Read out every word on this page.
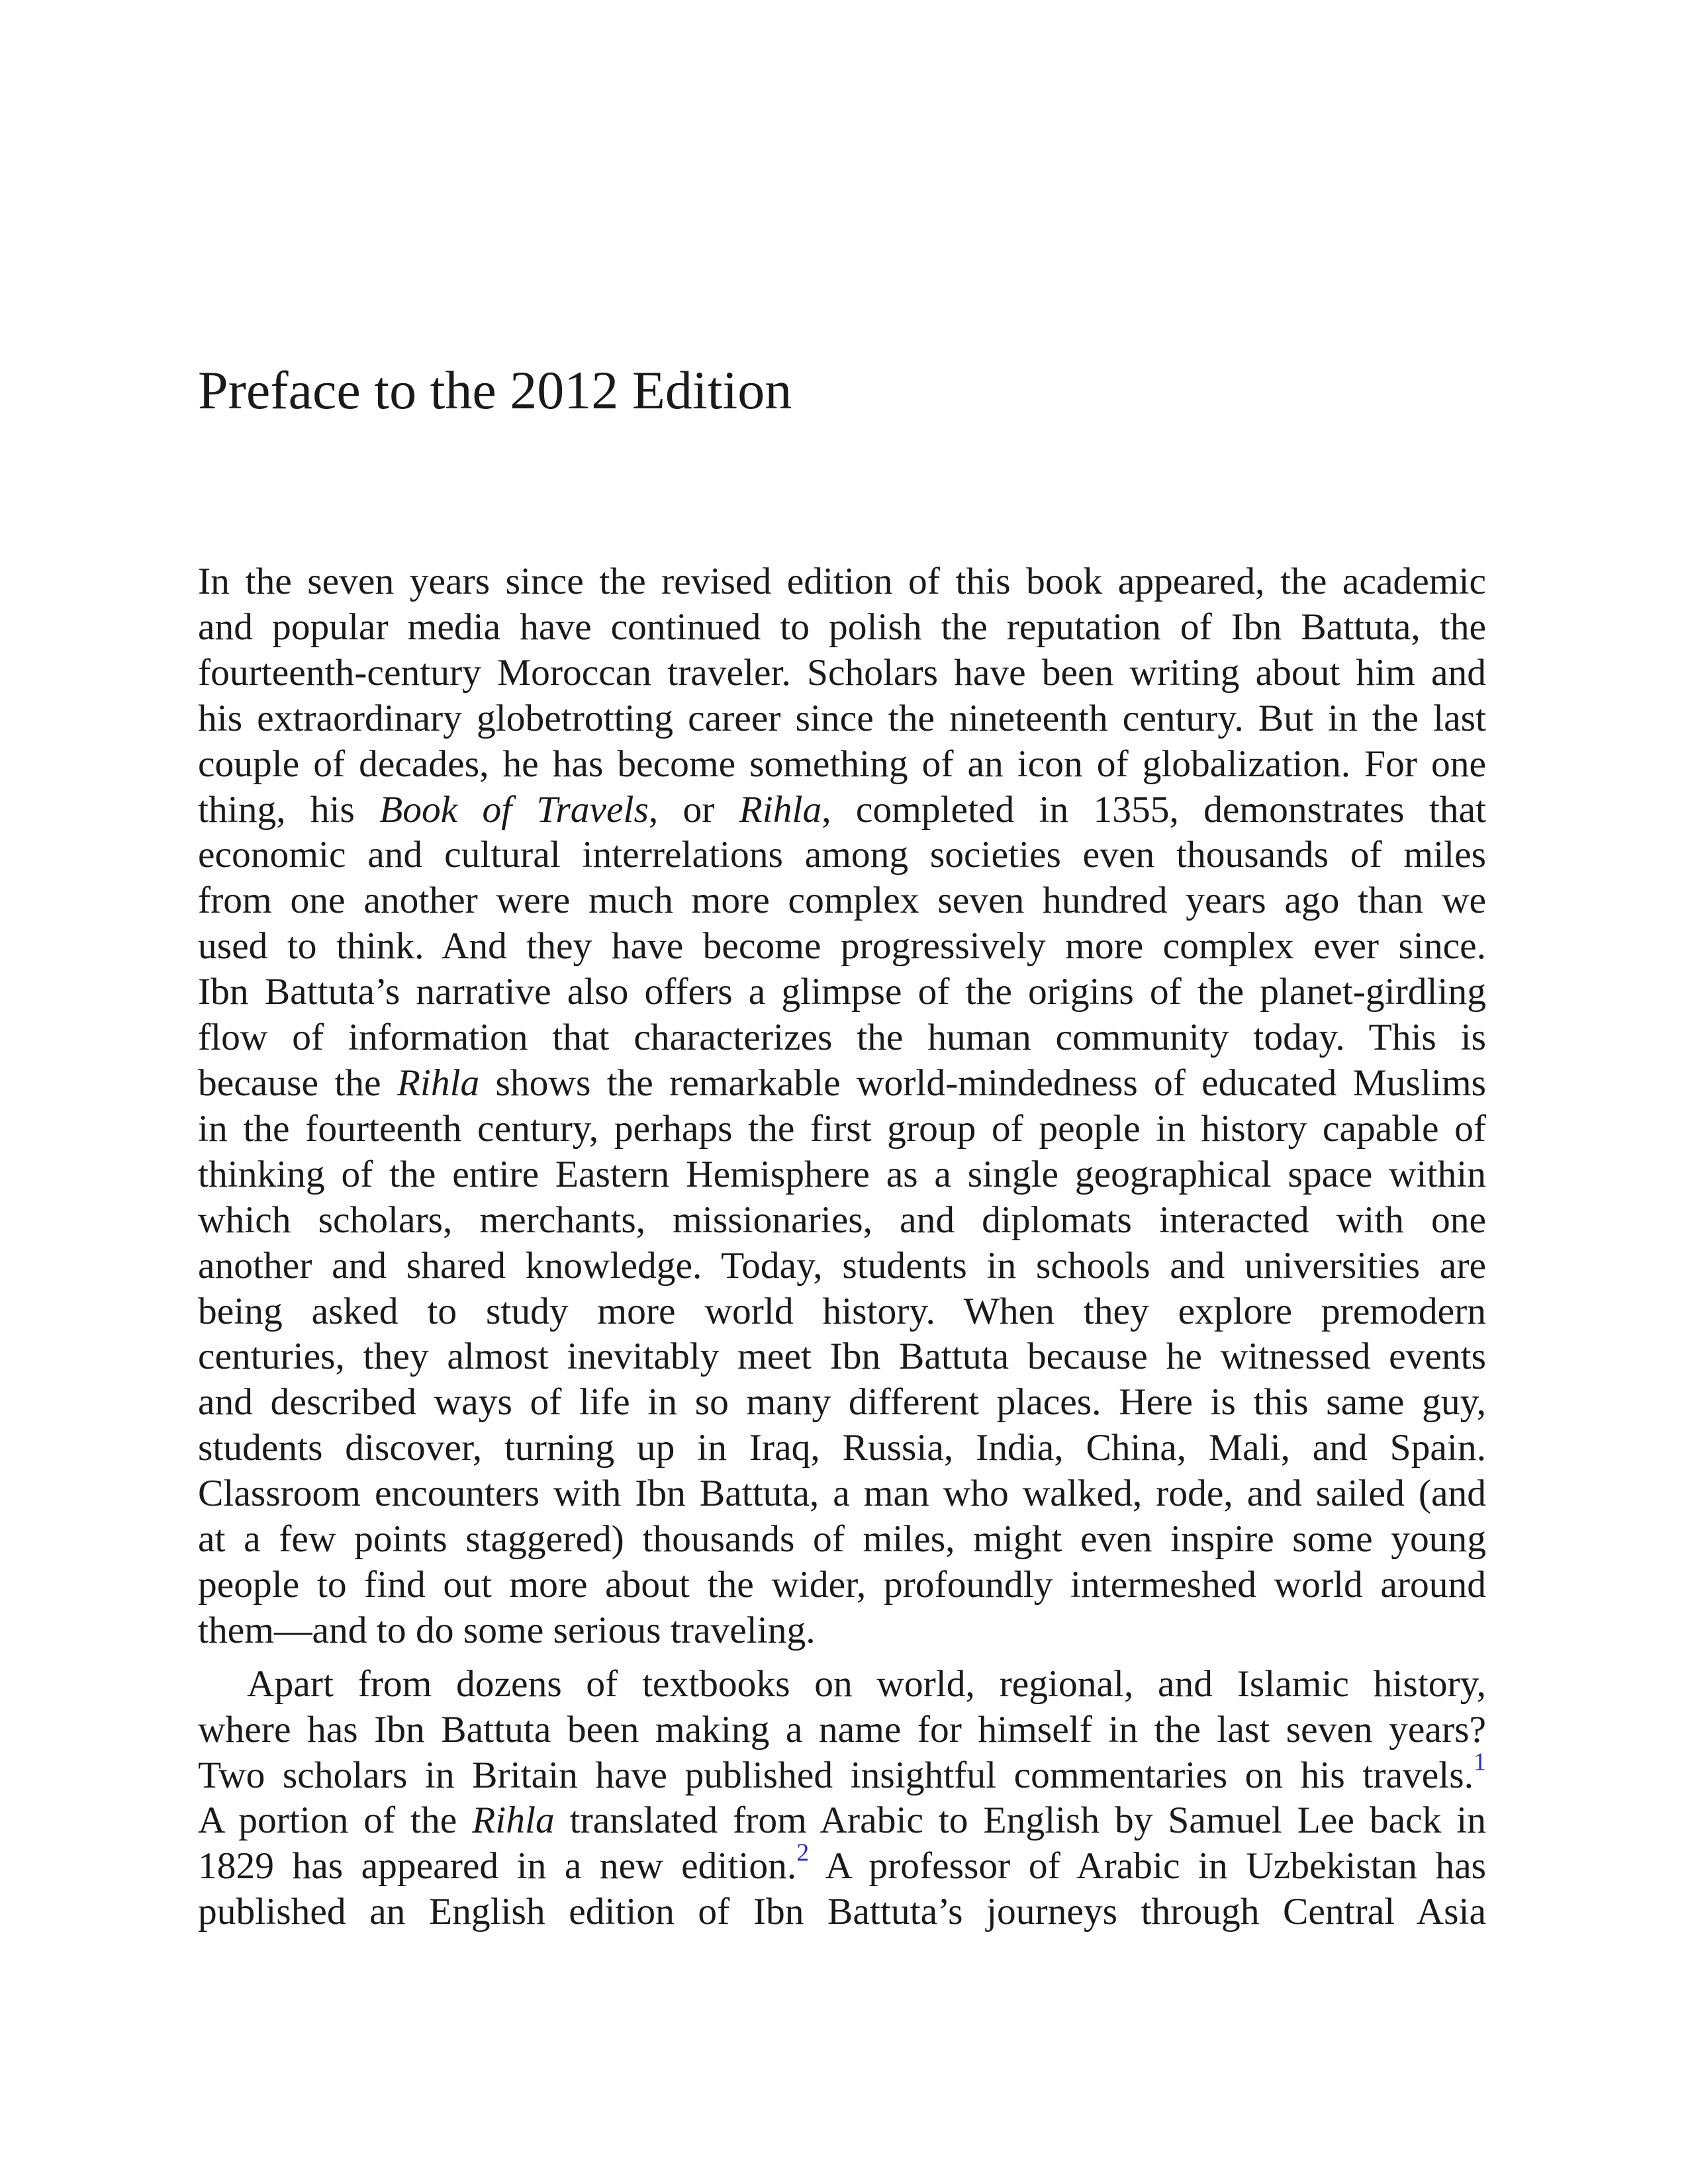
Preface to the 2012 Edition

In the seven years since the revised edition of this book appeared, the academic
and popular media have continued to polish the reputation of Ibn Battuta, the
fourteenth-century Moroccan traveler. Scholars have been writing about him and
his extraordinary globetrotting career since the nineteenth century. But in the last
couple of decades, he has become something of an icon of globalization. For one
thing, his Book of Travels, or Rihla, completed in 1355, demonstrates that
economic and cultural interrelations among societies even thousands of miles
from one another were much more complex seven hundred years ago than we
used to think. And they have become progressively more complex ever since.
Ibn Battuta’s narrative also offers a glimpse of the origins of the planet-girdling
flow of information that characterizes the human community today. This is
because the Rihla shows the remarkable world-mindedness of educated Muslims
in the fourteenth century, perhaps the first group of people in history capable of
thinking of the entire Eastern Hemisphere as a single geographical space within
which scholars, merchants, missionaries, and diplomats interacted with one
another and shared knowledge. Today, students in schools and universities are
being asked to study more world history. When they explore premodern
centuries, they almost inevitably meet Ibn Battuta because he witnessed events
and described ways of life in so many different places. Here is this same guy,
students discover, turning up in Iraq, Russia, India, China, Mali, and Spain.
Classroom encounters with Ibn Battuta, a man who walked, rode, and sailed (and
at a few points staggered) thousands of miles, might even inspire some young
people to find out more about the wider, profoundly intermeshed world around
them—and to do some serious traveling.

Apart from dozens of textbooks on world, regional, and Islamic history,
where has Ibn Battuta been making a name for himself in the last seven years?
Two scholars in Britain have published insightful commentaries on his travels.$^1$
A portion of the Rihla translated from Arabic to English by Samuel Lee back in
1829 has appeared in a new edition.$^2$ A professor of Arabic in Uzbekistan has
published an English edition of Ibn Battuta’s journeys through Central Asia
